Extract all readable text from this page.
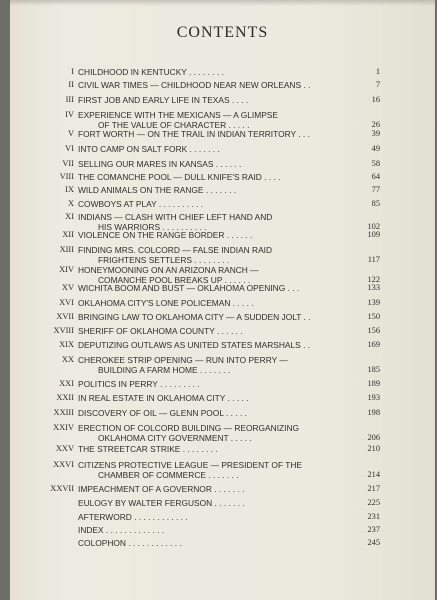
CONTENTS
I CHILDHOOD IN KENTUCKY . . . . . . . .	1
II CIVIL WAR TIMES — CHILDHOOD NEAR NEW ORLEANS . .	7
III FIRST JOB AND EARLY LIFE IN TEXAS . . . .	16
IV EXPERIENCE WITH THE MEXICANS — A GLIMPSE
OF THE VALUE OF CHARACTER . . . . .	26
V FORT WORTH — ON THE TRAIL IN INDIAN TERRITORY . . .	39
VI INTO CAMP ON SALT FORK . . . . . . .	49
VII SELLING OUR MARES IN KANSAS . . . . . .	58
VIII THE COMANCHE POOL — DULL KNIFE'S RAID . . . .	64
IX WILD ANIMALS ON THE RANGE . . . . . . .	77
X COWBOYS AT PLAY . . . . . . . . . .	85
XI INDIANS — CLASH WITH CHIEF LEFT HAND AND
HIS WARRIORS . . . . . . . . . .	102
XII VIOLENCE ON THE RANGE BORDER . . . . . .	109
XIII FINDING MRS. COLCORD — FALSE INDIAN RAID
FRIGHTENS SETTLERS . . . . . . . .	117
XIV HONEYMOONING ON AN ARIZONA RANCH —
COMANCHE POOL BREAKS UP . . . . . .	122
XV WICHITA BOOM AND BUST — OKLAHOMA OPENING . . .	133
XVI OKLAHOMA CITY'S LONE POLICEMAN . . . . .	139
XVII BRINGING LAW TO OKLAHOMA CITY — A SUDDEN JOLT . .	150
XVIII SHERIFF OF OKLAHOMA COUNTY . . . . . .	156
XIX DEPUTIZING OUTLAWS AS UNITED STATES MARSHALS . .	169
XX CHEROKEE STRIP OPENING — RUN INTO PERRY —
BUILDING A FARM HOME . . . . . . .	185
XXI POLITICS IN PERRY . . . . . . . . .	189
XXII IN REAL ESTATE IN OKLAHOMA CITY . . . . .	193
XXIII DISCOVERY OF OIL — GLENN POOL . . . . .	198
XXIV ERECTION OF COLCORD BUILDING — REORGANIZING
OKLAHOMA CITY GOVERNMENT . . . . .	206
XXV THE STREETCAR STRIKE . . . . . . . .	210
XXVI CITIZENS PROTECTIVE LEAGUE — PRESIDENT OF THE
CHAMBER OF COMMERCE . . . . . . .	214
XXVII IMPEACHMENT OF A GOVERNOR . . . . . . .	217
EULOGY BY WALTER FERGUSON . . . . . . .	225
AFTERWORD . . . . . . . . . . . .	231
INDEX . . . . . . . . . . . . .	237
COLOPHON . . . . . . . . . . . .	245
